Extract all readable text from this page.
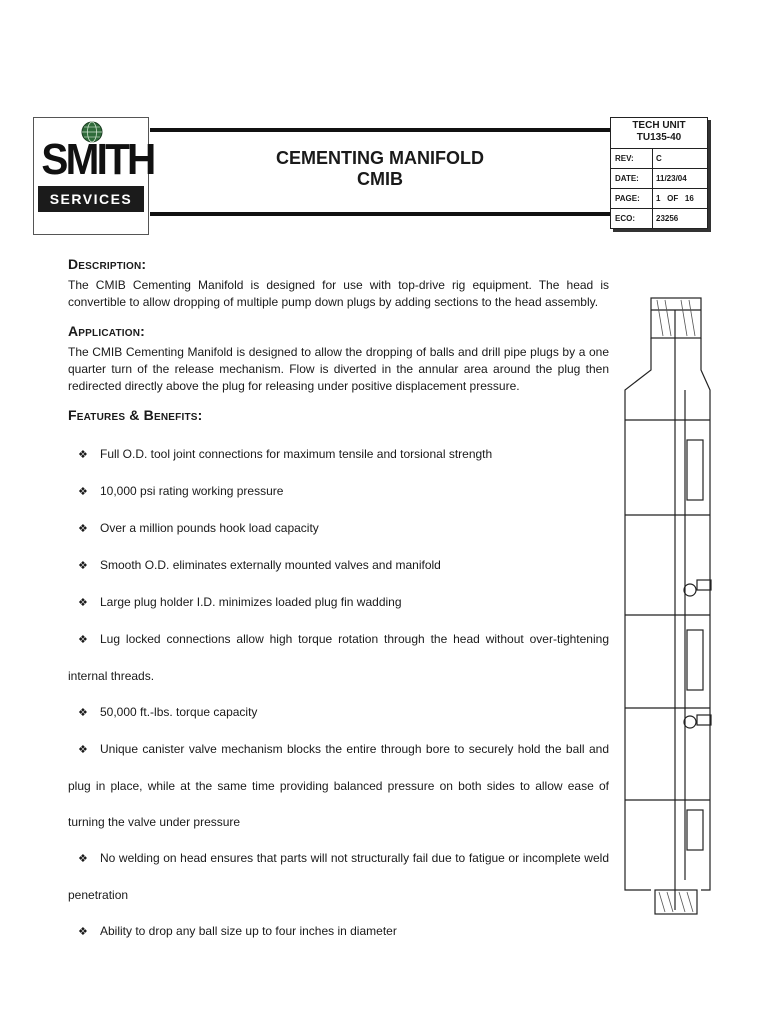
SMITH
SERVICES
CEMENTING MANIFOLD
CMIB
TECH UNIT
TU135-40
REV:	C
DATE:	11/23/04
PAGE:	1   OF   16
ECO:	23256
Description:

The CMIB Cementing Manifold is designed for use with top-drive rig equipment. The head is convertible to allow dropping of multiple pump down plugs by adding sections to the head assembly.

Application:

The CMIB Cementing Manifold is designed to allow the dropping of balls and drill pipe plugs by a one quarter turn of the release mechanism. Flow is diverted in the annular area around the plug then redirected directly above the plug for releasing under positive displacement pressure.

Features & Benefits:
❖ Full O.D. tool joint connections for maximum tensile and torsional strength
❖ 10,000 psi rating working pressure
❖ Over a million pounds hook load capacity
❖ Smooth O.D. eliminates externally mounted valves and manifold
❖ Large plug holder I.D. minimizes loaded plug fin wadding
❖ Lug locked connections allow high torque rotation through the head without over-tightening internal threads.
❖ 50,000 ft.-lbs. torque capacity
❖ Unique canister valve mechanism blocks the entire through bore to securely hold the ball and plug in place, while at the same time providing balanced pressure on both sides to allow ease of turning the valve under pressure
❖ No welding on head ensures that parts will not structurally fail due to fatigue or incomplete weld penetration
❖ Ability to drop any ball size up to four inches in diameter
